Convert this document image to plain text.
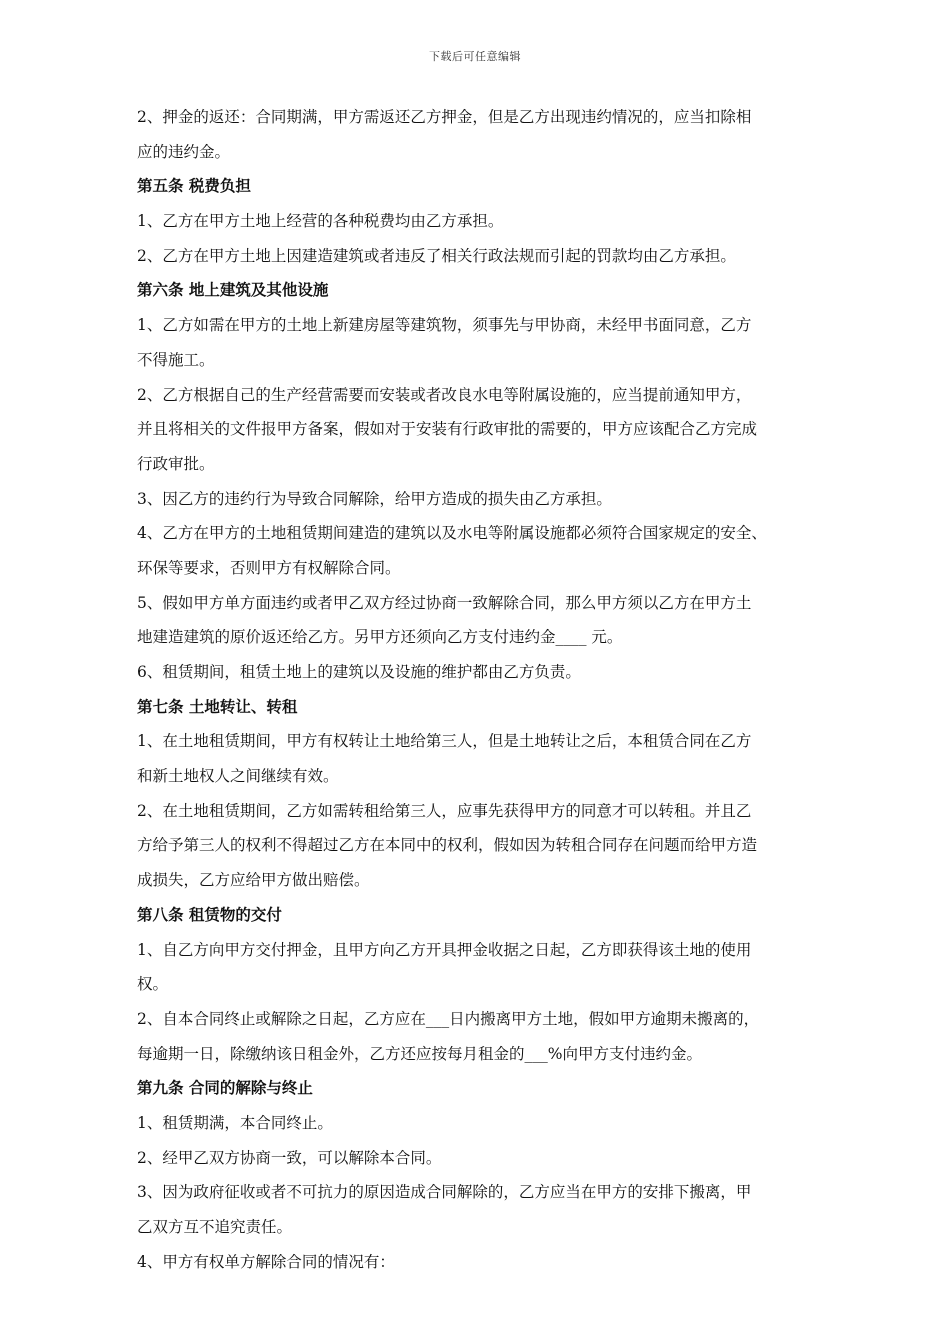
下载后可任意编辑
2、押金的返还：合同期满，甲方需返还乙方押金，但是乙方出现违约情况的，应当扣除相
应的违约金。
第五条 税费负担
1、乙方在甲方土地上经营的各种税费均由乙方承担。
2、乙方在甲方土地上因建造建筑或者违反了相关行政法规而引起的罚款均由乙方承担。
第六条 地上建筑及其他设施
1、乙方如需在甲方的土地上新建房屋等建筑物，须事先与甲协商，未经甲书面同意，乙方
不得施工。
2、乙方根据自己的生产经营需要而安装或者改良水电等附属设施的，应当提前通知甲方，
并且将相关的文件报甲方备案，假如对于安装有行政审批的需要的，甲方应该配合乙方完成
行政审批。
3、因乙方的违约行为导致合同解除，给甲方造成的损失由乙方承担。
4、乙方在甲方的土地租赁期间建造的建筑以及水电等附属设施都必须符合国家规定的安全、
环保等要求，否则甲方有权解除合同。
5、假如甲方单方面违约或者甲乙双方经过协商一致解除合同，那么甲方须以乙方在甲方土
地建造建筑的原价返还给乙方。另甲方还须向乙方支付违约金____ 元。
6、租赁期间，租赁土地上的建筑以及设施的维护都由乙方负责。
第七条 土地转让、转租
1、在土地租赁期间，甲方有权转让土地给第三人，但是土地转让之后，本租赁合同在乙方
和新土地权人之间继续有效。
2、在土地租赁期间，乙方如需转租给第三人，应事先获得甲方的同意才可以转租。并且乙
方给予第三人的权利不得超过乙方在本同中的权利，假如因为转租合同存在问题而给甲方造
成损失，乙方应给甲方做出赔偿。
第八条 租赁物的交付
1、自乙方向甲方交付押金，且甲方向乙方开具押金收据之日起，乙方即获得该土地的使用
权。
2、自本合同终止或解除之日起，乙方应在___日内搬离甲方土地，假如甲方逾期未搬离的，
每逾期一日，除缴纳该日租金外，乙方还应按每月租金的___%向甲方支付违约金。
第九条 合同的解除与终止
1、租赁期满，本合同终止。
2、经甲乙双方协商一致，可以解除本合同。
3、因为政府征收或者不可抗力的原因造成合同解除的，乙方应当在甲方的安排下搬离，甲
乙双方互不追究责任。
4、甲方有权单方解除合同的情况有：
